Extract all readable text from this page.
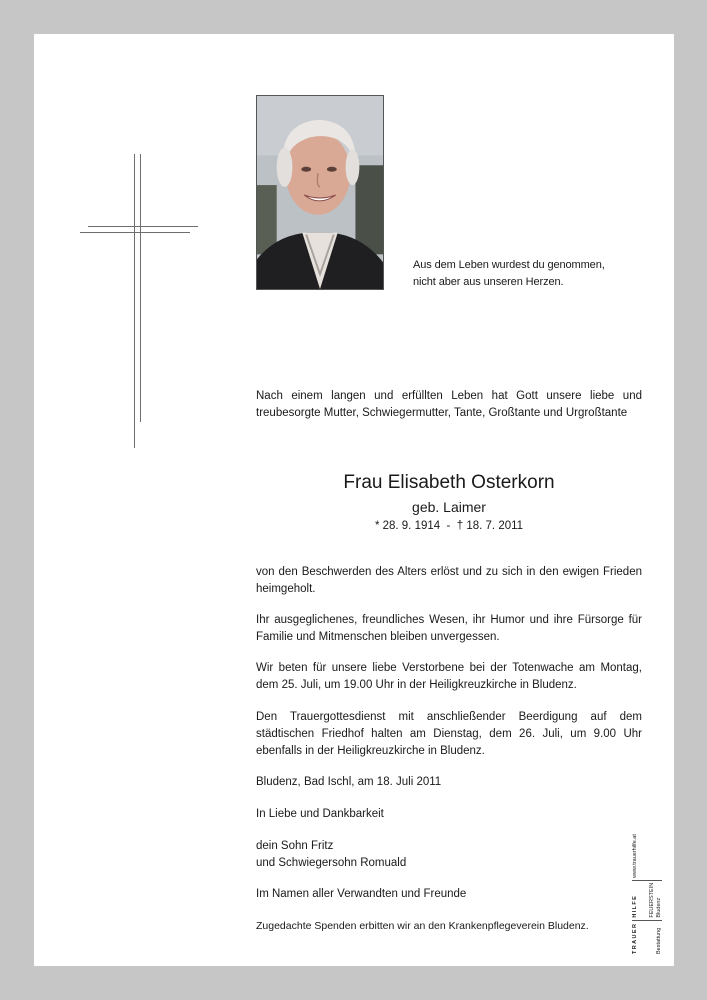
Aus dem Leben wurdest du genommen,
nicht aber aus unseren Herzen.

Nach einem langen und erfüllten Leben hat Gott unsere liebe und treubesorgte Mutter, Schwiegermutter, Tante, Großtante und Urgroßtante

Frau Elisabeth Osterkorn
geb. Laimer
* 28. 9. 1914  -  † 18. 7. 2011

von den Beschwerden des Alters erlöst und zu sich in den ewigen Frieden heimgeholt.

Ihr ausgeglichenes, freundliches Wesen, ihr Humor und ihre Fürsorge für Familie und Mitmenschen bleiben unvergessen.

Wir beten für unsere liebe Verstorbene bei der Totenwache am Montag, dem 25. Juli, um 19.00 Uhr in der Heiligkreuzkirche in Bludenz.

Den Trauergottesdienst mit anschließender Beerdigung auf dem städtischen Friedhof halten am Dienstag, dem 26. Juli, um 9.00 Uhr ebenfalls in der Heiligkreuzkirche in Bludenz.

Bludenz, Bad Ischl, am 18. Juli 2011
In Liebe und Dankbarkeit
dein Sohn Fritz
und Schwiegersohn Romuald
Im Namen aller Verwandten und Freunde
Zugedachte Spenden erbitten wir an den Krankenpflegeverein Bludenz.	TRAUER	Bestattung
HILFE FEUERSTEIN Bludenz
www.trauerhilfe.at
